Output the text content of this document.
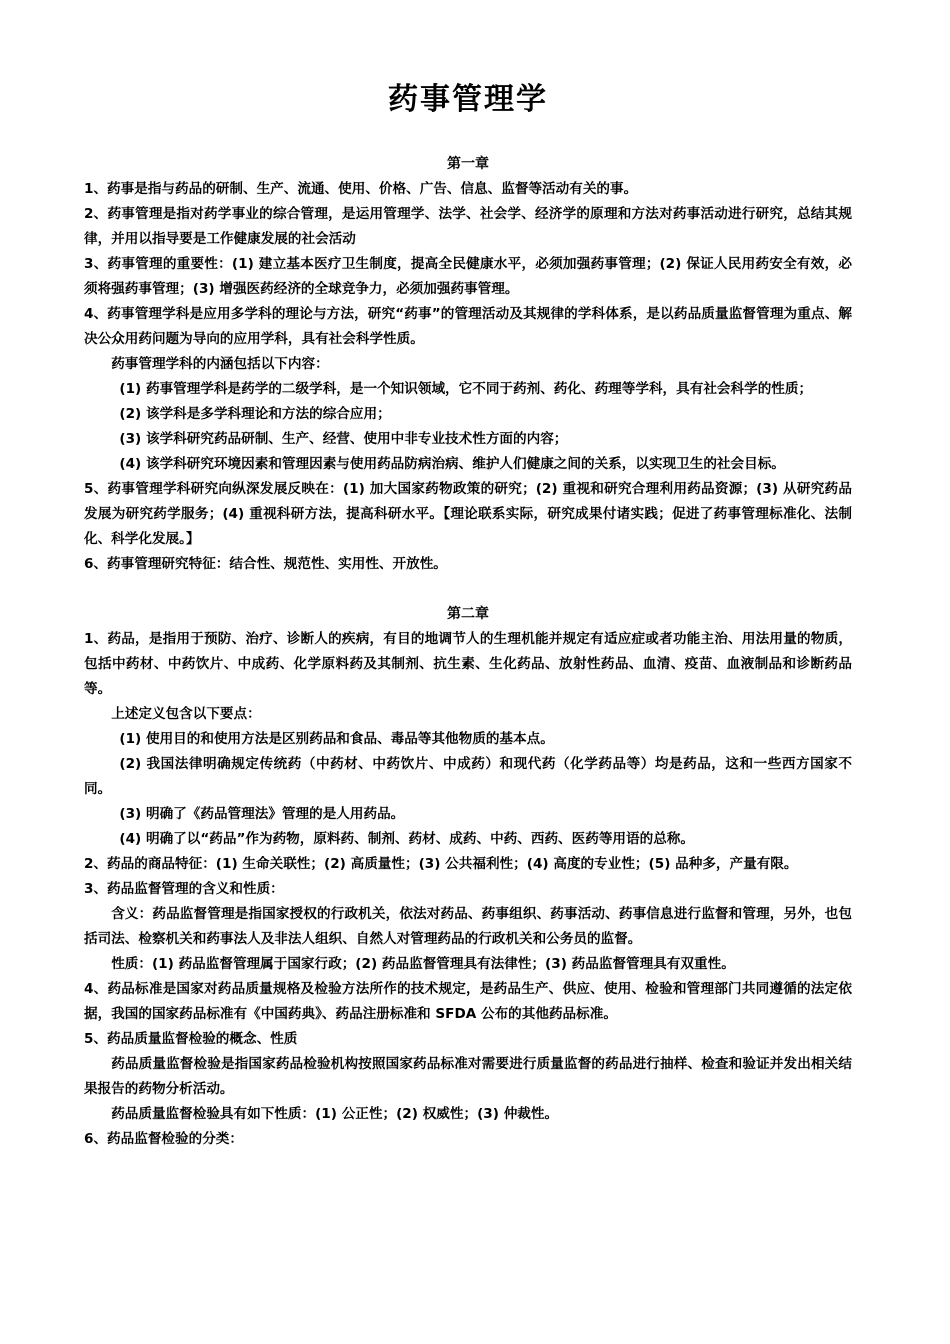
药事管理学

第一章

1、药事是指与药品的研制、生产、流通、使用、价格、广告、信息、监督等活动有关的事。

2、药事管理是指对药学事业的综合管理，是运用管理学、法学、社会学、经济学的原理和方法对药事活动进行研究，总结其规律，并用以指导要是工作健康发展的社会活动

3、药事管理的重要性：(1) 建立基本医疗卫生制度，提高全民健康水平，必须加强药事管理；(2) 保证人民用药安全有效，必须将强药事管理；(3) 增强医药经济的全球竞争力，必须加强药事管理。

4、药事管理学科是应用多学科的理论与方法，研究“药事”的管理活动及其规律的学科体系，是以药品质量监督管理为重点、解决公众用药问题为导向的应用学科，具有社会科学性质。

药事管理学科的内涵包括以下内容：

(1) 药事管理学科是药学的二级学科，是一个知识领域，它不同于药剂、药化、药理等学科，具有社会科学的性质；

(2) 该学科是多学科理论和方法的综合应用；

(3) 该学科研究药品研制、生产、经营、使用中非专业技术性方面的内容；

(4) 该学科研究环境因素和管理因素与使用药品防病治病、维护人们健康之间的关系，以实现卫生的社会目标。

5、药事管理学科研究向纵深发展反映在：(1) 加大国家药物政策的研究；(2) 重视和研究合理利用药品资源；(3) 从研究药品发展为研究药学服务；(4) 重视科研方法，提高科研水平。【理论联系实际，研究成果付诸实践；促进了药事管理标准化、法制化、科学化发展。】

6、药事管理研究特征：结合性、规范性、实用性、开放性。

第二章

1、药品，是指用于预防、治疗、诊断人的疾病，有目的地调节人的生理机能并规定有适应症或者功能主治、用法用量的物质，包括中药材、中药饮片、中成药、化学原料药及其制剂、抗生素、生化药品、放射性药品、血清、疫苗、血液制品和诊断药品等。

上述定义包含以下要点：

(1) 使用目的和使用方法是区别药品和食品、毒品等其他物质的基本点。

(2) 我国法律明确规定传统药（中药材、中药饮片、中成药）和现代药（化学药品等）均是药品，这和一些西方国家不同。

(3) 明确了《药品管理法》管理的是人用药品。

(4) 明确了以“药品”作为药物，原料药、制剂、药材、成药、中药、西药、医药等用语的总称。

2、药品的商品特征：(1) 生命关联性；(2) 高质量性；(3) 公共福利性；(4) 高度的专业性；(5) 品种多，产量有限。

3、药品监督管理的含义和性质：

含义：药品监督管理是指国家授权的行政机关，依法对药品、药事组织、药事活动、药事信息进行监督和管理，另外，也包括司法、检察机关和药事法人及非法人组织、自然人对管理药品的行政机关和公务员的监督。

性质：(1) 药品监督管理属于国家行政；(2) 药品监督管理具有法律性；(3) 药品监督管理具有双重性。

4、药品标准是国家对药品质量规格及检验方法所作的技术规定，是药品生产、供应、使用、检验和管理部门共同遵循的法定依据，我国的国家药品标准有《中国药典》、药品注册标准和 SFDA 公布的其他药品标准。

5、药品质量监督检验的概念、性质

药品质量监督检验是指国家药品检验机构按照国家药品标准对需要进行质量监督的药品进行抽样、检查和验证并发出相关结果报告的药物分析活动。

药品质量监督检验具有如下性质：(1) 公正性；(2) 权威性；(3) 仲裁性。

6、药品监督检验的分类：
